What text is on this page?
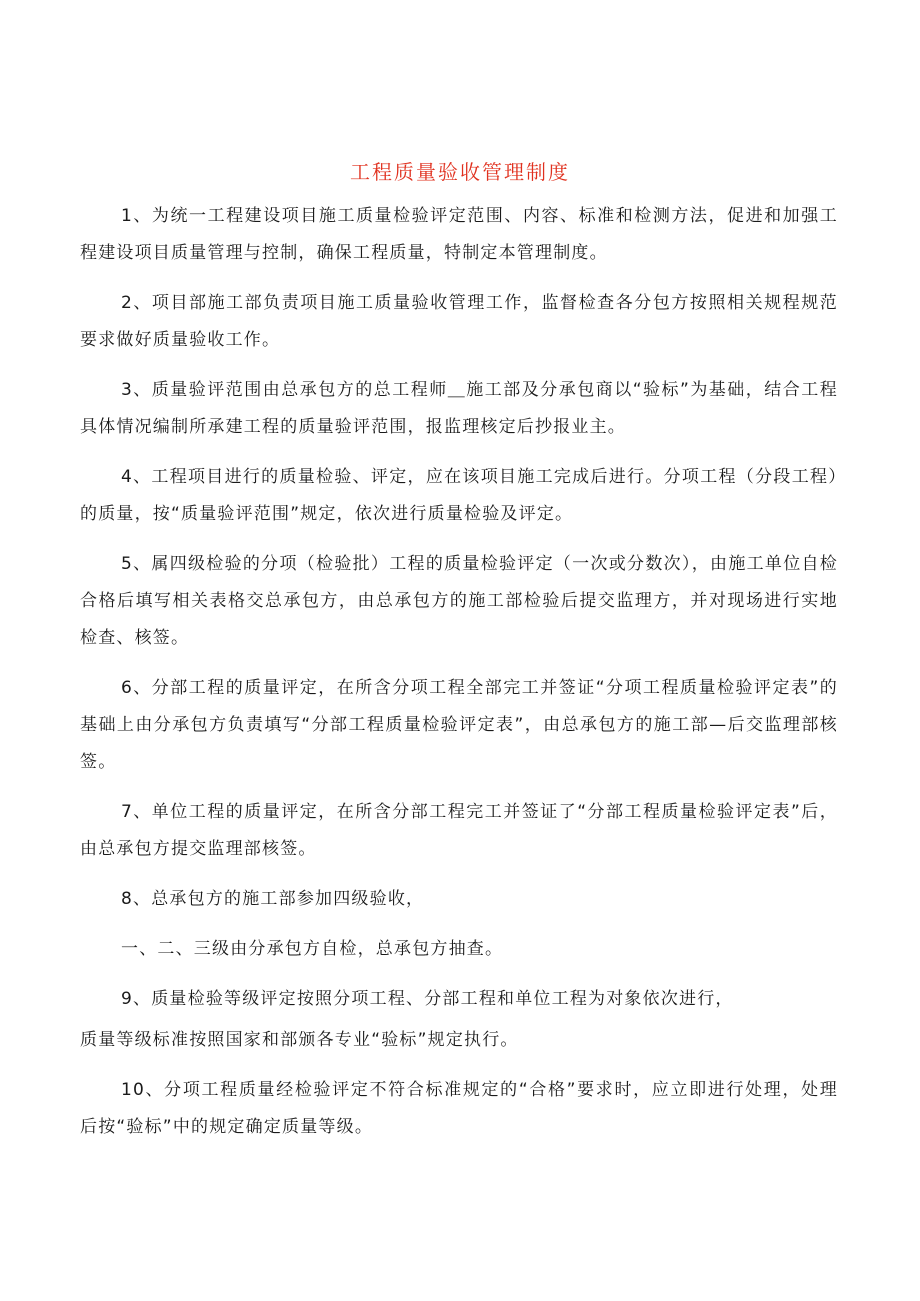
工程质量验收管理制度

1、为统一工程建设项目施工质量检验评定范围、内容、标准和检测方法，促进和加强工程建设项目质量管理与控制，确保工程质量，特制定本管理制度。

2、项目部施工部负责项目施工质量验收管理工作，监督检查各分包方按照相关规程规范要求做好质量验收工作。

3、质量验评范围由总承包方的总工程师＿施工部及分承包商以“验标”为基础，结合工程具体情况编制所承建工程的质量验评范围，报监理核定后抄报业主。

4、工程项目进行的质量检验、评定，应在该项目施工完成后进行。分项工程（分段工程）的质量，按“质量验评范围”规定，依次进行质量检验及评定。

5、属四级检验的分项（检验批）工程的质量检验评定（一次或分数次），由施工单位自检合格后填写相关表格交总承包方，由总承包方的施工部检验后提交监理方，并对现场进行实地检查、核签。

6、分部工程的质量评定，在所含分项工程全部完工并签证“分项工程质量检验评定表”的基础上由分承包方负责填写“分部工程质量检验评定表”，由总承包方的施工部—后交监理部核签。

7、单位工程的质量评定，在所含分部工程完工并签证了“分部工程质量检验评定表”后，由总承包方提交监理部核签。

8、总承包方的施工部参加四级验收，

一、二、三级由分承包方自检，总承包方抽查。

9、质量检验等级评定按照分项工程、分部工程和单位工程为对象依次进行，

质量等级标准按照国家和部颁各专业“验标”规定执行。

10、分项工程质量经检验评定不符合标准规定的“合格”要求时，应立即进行处理，处理后按“验标”中的规定确定质量等级。
